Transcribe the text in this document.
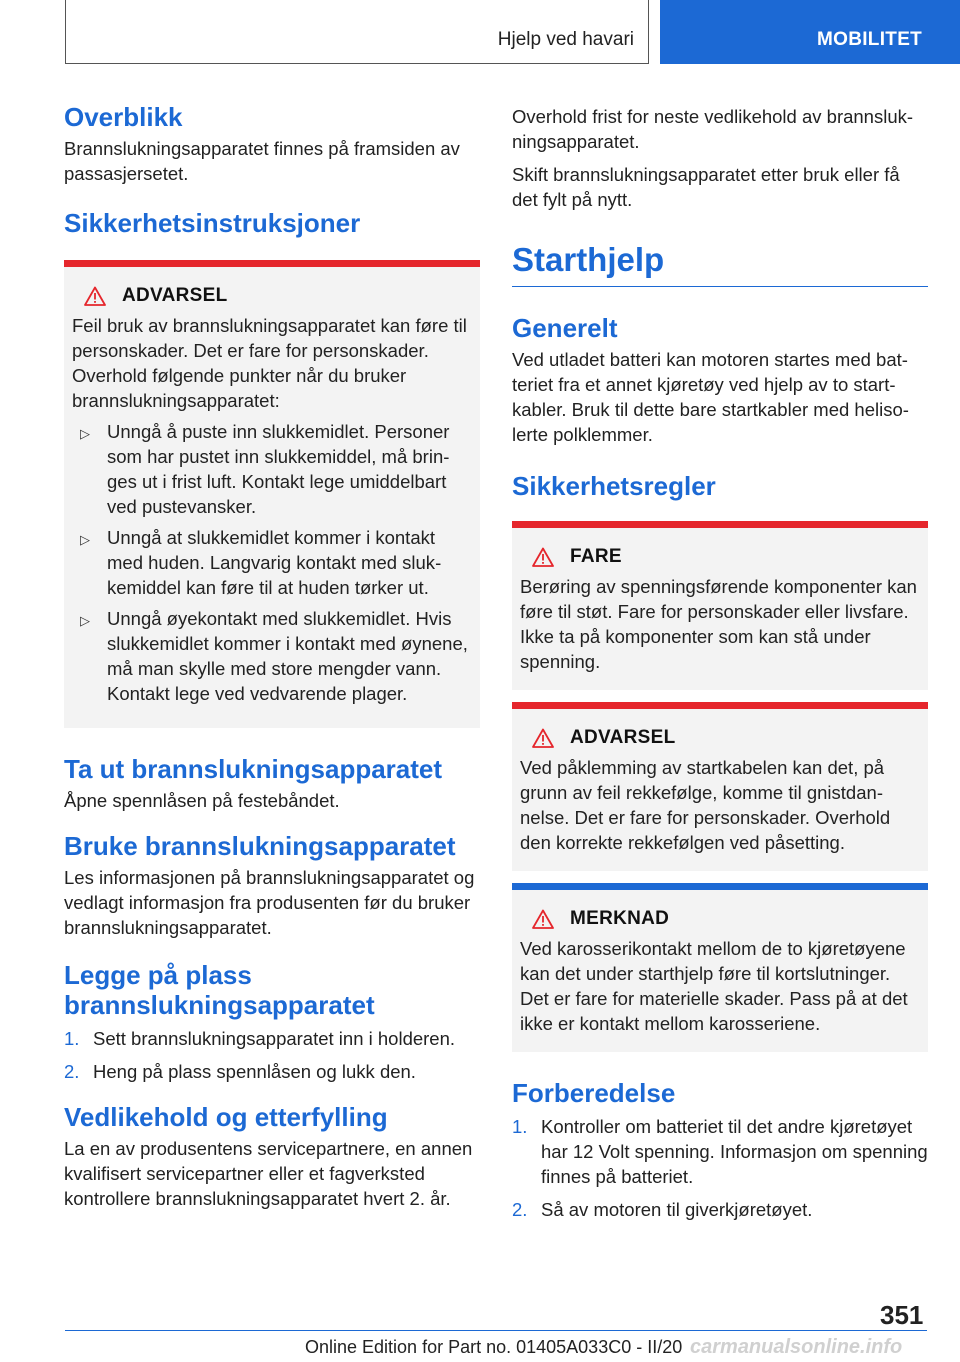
Hjelp ved havari	MOBILITET
Overblikk

Brannslukningsapparatet finnes på framsiden av passasjersetet.

Sikkerhetsinstruksjoner
ADVARSEL

Feil bruk av brannslukningsapparatet kan føre til personskader. Det er fare for personskader. Overhold følgende punkter når du bruker brannslukningsapparatet:

▷ Unngå å puste inn slukkemidlet. Personer som har pustet inn slukkemiddel, må bringes ut i frist luft. Kontakt lege umiddelbart ved pustevansker.
▷ Unngå at slukkemidlet kommer i kontakt med huden. Langvarig kontakt med slukkemiddel kan føre til at huden tørker ut.
▷ Unngå øyekontakt med slukkemidlet. Hvis slukkemidlet kommer i kontakt med øynene, må man skylle med store mengder vann. Kontakt lege ved vedvarende plager.
Ta ut brannslukningsapparatet

Åpne spennlåsen på festebåndet.

Bruke brannslukningsapparatet

Les informasjonen på brannslukningsapparatet og vedlagt informasjon fra produsenten før du bruker brannslukningsapparatet.

Legge på plass
brannslukningsapparatet
1. Sett brannslukningsapparatet inn i holderen.
2. Heng på plass spennlåsen og lukk den.
Vedlikehold og etterfylling

La en av produsentens servicepartnere, en annen kvalifisert servicepartner eller et fagverksted kontrollere brannslukningsapparatet hvert 2. år.

Overhold frist for neste vedlikehold av brannslukningsapparatet.

Skift brannslukningsapparatet etter bruk eller få det fylt på nytt.

Starthjelp
Generelt

Ved utladet batteri kan motoren startes med batteriet fra et annet kjøretøy ved hjelp av to startkabler. Bruk til dette bare startkabler med helisolerte polklemmer.

Sikkerhetsregler
FARE

Berøring av spenningsførende komponenter kan føre til støt. Fare for personskader eller livsfare. Ikke ta på komponenter som kan stå under spenning.

ADVARSEL

Ved påklemming av startkabelen kan det, på grunn av feil rekkefølge, komme til gnistdannelse. Det er fare for personskader. Overhold den korrekte rekkefølgen ved påsetting.

MERKNAD

Ved karosserikontakt mellom de to kjøretøyene kan det under starthjelp føre til kortslutninger. Det er fare for materielle skader. Pass på at det ikke er kontakt mellom karosseriene.

Forberedelse
1. Kontroller om batteriet til det andre kjøretøyet har 12 Volt spenning. Informasjon om spenning finnes på batteriet.
2. Så av motoren til giverkjøretøyet.
351
Online Edition for Part no. 01405A033C0 - II/20 carmanualsonline.info
